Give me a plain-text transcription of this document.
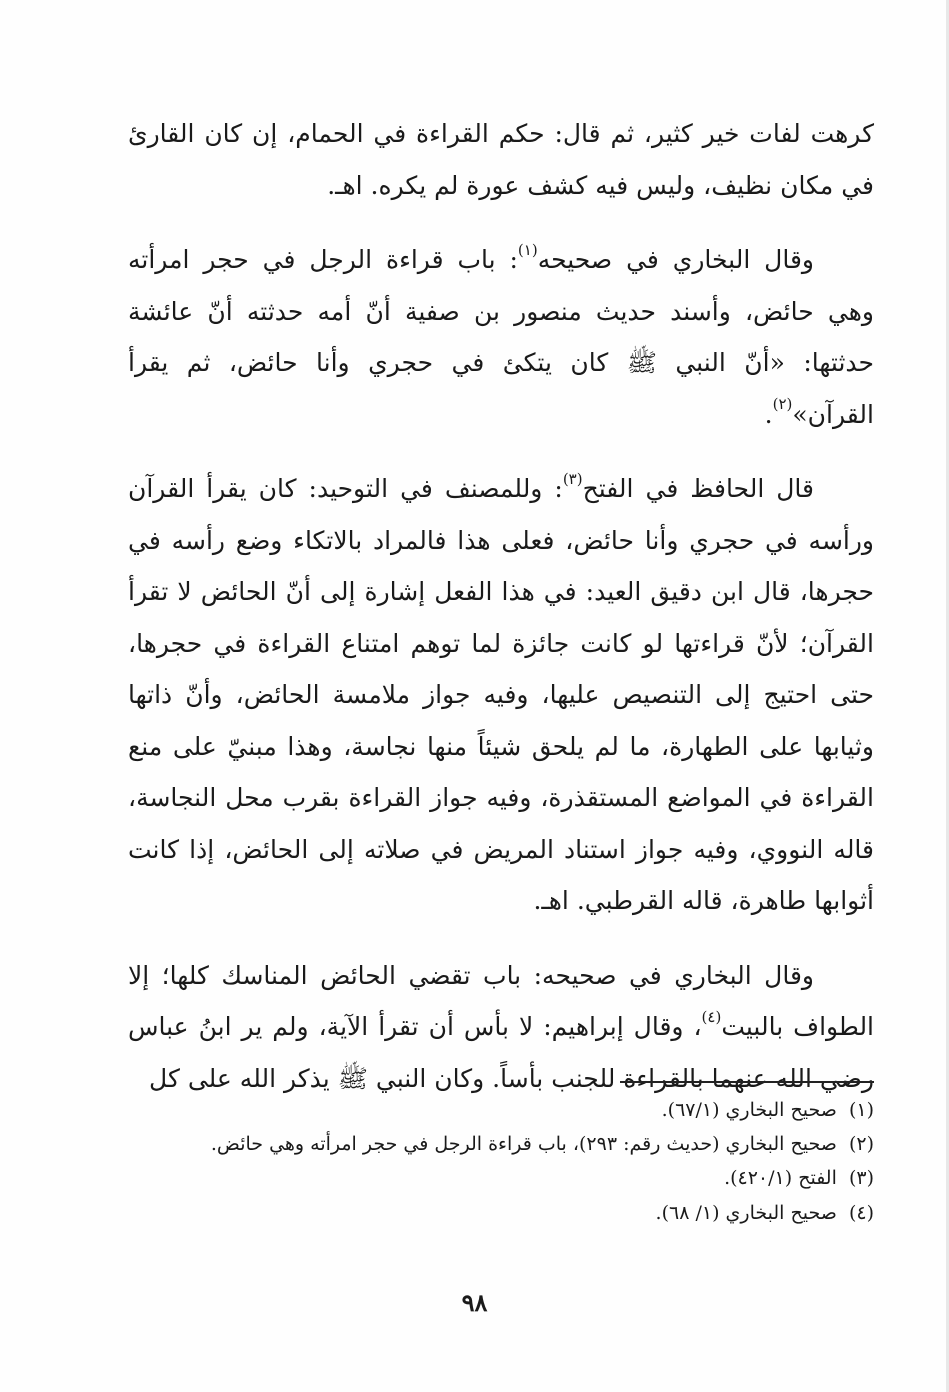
كرهت لفات خير كثير، ثم قال: حكم القراءة في الحمام، إن كان القارئ في مكان نظيف، وليس فيه كشف عورة لم يكره. اهـ.

وقال البخاري في صحيحه$^{(١)}$: باب قراءة الرجل في حجر امرأته وهي حائض، وأسند حديث منصور بن صفية أنّ أمه حدثته أنّ عائشة حدثتها: «أنّ النبي ﷺ كان يتكئ في حجري وأنا حائض، ثم يقرأ القرآن»$^{(٢)}$.

قال الحافظ في الفتح$^{(٣)}$: وللمصنف في التوحيد: كان يقرأ القرآن ورأسه في حجري وأنا حائض، فعلى هذا فالمراد بالاتكاء وضع رأسه في حجرها، قال ابن دقيق العيد: في هذا الفعل إشارة إلى أنّ الحائض لا تقرأ القرآن؛ لأنّ قراءتها لو كانت جائزة لما توهم امتناع القراءة في حجرها، حتى احتيج إلى التنصيص عليها، وفيه جواز ملامسة الحائض، وأنّ ذاتها وثيابها على الطهارة، ما لم يلحق شيئاً منها نجاسة، وهذا مبنيّ على منع القراءة في المواضع المستقذرة، وفيه جواز القراءة بقرب محل النجاسة، قاله النووي، وفيه جواز استناد المريض في صلاته إلى الحائض، إذا كانت أثوابها طاهرة، قاله القرطبي. اهـ.

وقال البخاري في صحيحه: باب تقضي الحائض المناسك كلها؛ إلا الطواف بالبيت$^{(٤)}$، وقال إبراهيم: لا بأس أن تقرأ الآية، ولم ير ابنُ عباس رضي الله عنهما بالقراءة للجنب بأساً. وكان النبي ﷺ يذكر الله على كل

(١) صحيح البخاري (٦٧/١).
(٢) صحيح البخاري (حديث رقم: ٢٩٣)، باب قراءة الرجل في حجر امرأته وهي حائض.
(٣) الفتح (٤٢٠/١).
(٤) صحيح البخاري (١/ ٦٨).
٩٨
